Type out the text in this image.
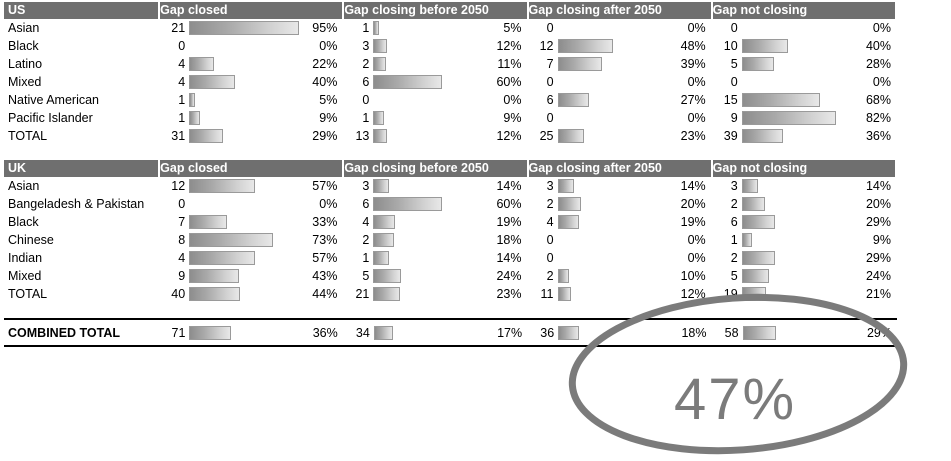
US	Gap closed			Gap closing before 2050			Gap closing after 2050			Gap not closing		
Asian	21		95%	1		5%	0		0%	0		0%
Black	0		0%	3		12%	12		48%	10		40%
Latino	4		22%	2		11%	7		39%	5		28%
Mixed	4		40%	6		60%	0		0%	0		0%
Native American	1		5%	0		0%	6		27%	15		68%
Pacific Islander	1		9%	1		9%	0		0%	9		82%
TOTAL	31		29%	13		12%	25		23%	39		36%
UK	Gap closed			Gap closing before 2050			Gap closing after 2050			Gap not closing		
Asian	12		57%	3		14%	3		14%	3		14%
Bangeladesh & Pakistan	0		0%	6		60%	2		20%	2		20%
Black	7		33%	4		19%	4		19%	6		29%
Chinese	8		73%	2		18%	0		0%	1		9%
Indian	4		57%	1		14%	0		0%	2		29%
Mixed	9		43%	5		24%	2		10%	5		24%
TOTAL	40		44%	21		23%	11		12%	19		21%
COMBINED TOTAL	71		36%	34		17%	36		18%	58		29%
47%
